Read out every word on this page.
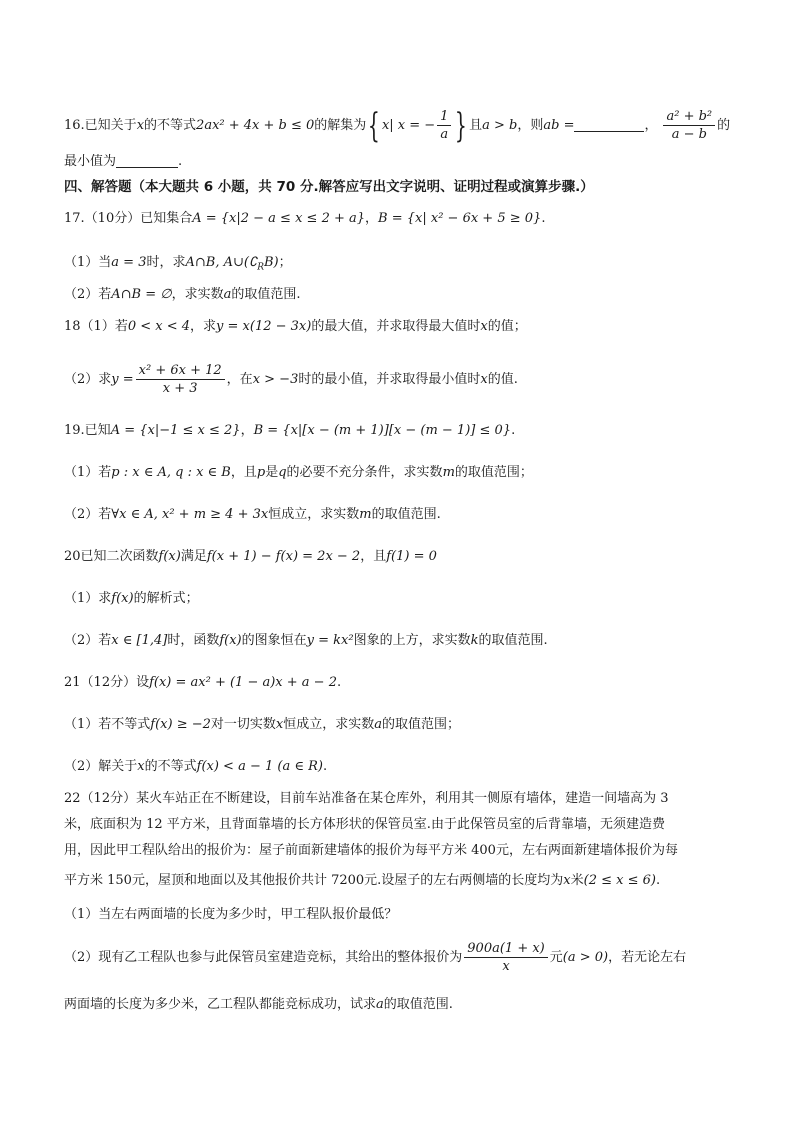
16.已知关于x的不等式2ax² + 4x + b ≤ 0的解集为{ x| x = − $\frac{1}{a}$ } 且a > b，则ab =	， $\frac{\text{a² + b²}}{a - b}$ 的
最小值为	.
四、解答题（本大题共 6 小题，共 70 分.解答应写出文字说明、证明过程或演算步骤.）
17.（10分）已知集合A = {x|2 − a ≤ x ≤ 2 + a}，B = {x| x² − 6x + 5 ≥ 0}.
（1）当a = 3时，求A∩B, $A\cup(∁_RB)$；
（2）若A∩B = ∅，求实数a的取值范围.
18（1）若0 < x < 4，求y = x(12 − 3x)的最大值，并求取得最大值时x的值；
（2）求$y = \frac{\text{x² + 6x + 12}}{x + 3}$ ，在x > −3时的最小值，并求取得最小值时x的值.
19.已知A = {x|−1 ≤ x ≤ 2}，B = {x|[x − (m + 1)][x − (m − 1)] ≤ 0}.
（1）若p : x ∈ A, q : x ∈ B，且p是q的必要不充分条件，求实数m的取值范围；
（2）若∀x ∈ A, x² + m ≥ 4 + 3x恒成立，求实数m的取值范围.
20已知二次函数f(x)满足f(x + 1) − f(x) = 2x − 2，且f(1) = 0
（1）求f(x)的解析式；
（2）若x ∈ [1,4]时，函数f(x)的图象恒在y = kx²图象的上方，求实数k的取值范围.
21（12分）设f(x) = ax² + (1 − a)x + a − 2.
（1）若不等式f(x) ≥ −2对一切实数x恒成立，求实数a的取值范围；
（2）解关于x的不等式f(x) < a − 1 (a ∈ R).
22（12分）某火车站正在不断建设，目前车站准备在某仓库外，利用其一侧原有墙体，建造一间墙高为 3
米，底面积为 12 平方米，且背面靠墙的长方体形状的保管员室.由于此保管员室的后背靠墙，无须建造费
用，因此甲工程队给出的报价为：屋子前面新建墙体的报价为每平方米 400元，左右两面新建墙体报价为每
平方米 150元，屋顶和地面以及其他报价共计 7200元.设屋子的左右两侧墙的长度均为x米(2 ≤ x ≤ 6).
（1）当左右两面墙的长度为多少时，甲工程队报价最低？
（2）现有乙工程队也参与此保管员室建造竞标，其给出的整体报价为 $\frac{900a(1 + x)}{x}$ 元(a > 0)，若无论左右
两面墙的长度为多少米，乙工程队都能竞标成功，试求a的取值范围.
